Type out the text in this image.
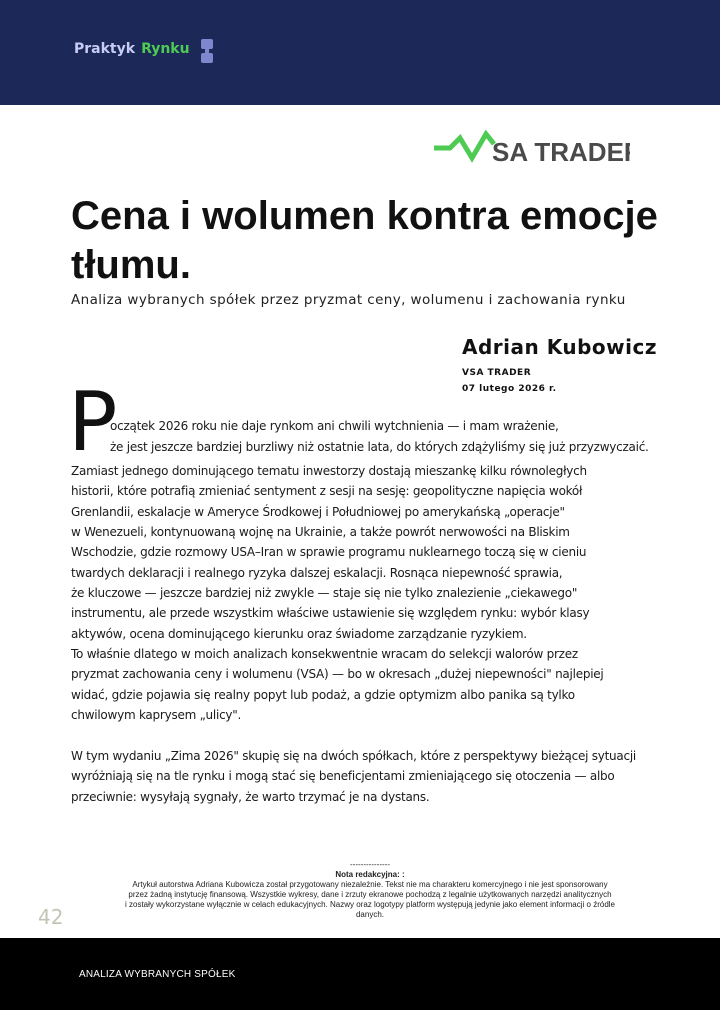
Praktyk Rynku
SA TRADER
Cena i wolumen kontra emocje tłumu.
Analiza wybranych spółek przez pryzmat ceny, wolumenu i zachowania rynku
Adrian Kubowicz
VSA TRADER
07 lutego 2026 r.
P
oczątek 2026 roku nie daje rynkom ani chwili wytchnienia — i mam wrażenie,
że jest jeszcze bardziej burzliwy niż ostatnie lata, do których zdążyliśmy się już przyzwyczaić.
Zamiast jednego dominującego tematu inwestorzy dostają mieszankę kilku równoległych
historii, które potrafią zmieniać sentyment z sesji na sesję: geopolityczne napięcia wokół
Grenlandii, eskalacje w Ameryce Środkowej i Południowej po amerykańską „operacje"
w Wenezueli, kontynuowaną wojnę na Ukrainie, a także powrót nerwowości na Bliskim
Wschodzie, gdzie rozmowy USA–Iran w sprawie programu nuklearnego toczą się w cieniu
twardych deklaracji i realnego ryzyka dalszej eskalacji. Rosnąca niepewność sprawia,
że kluczowe — jeszcze bardziej niż zwykle — staje się nie tylko znalezienie „ciekawego"
instrumentu, ale przede wszystkim właściwe ustawienie się względem rynku: wybór klasy
aktywów, ocena dominującego kierunku oraz świadome zarządzanie ryzykiem.
To właśnie dlatego w moich analizach konsekwentnie wracam do selekcji walorów przez
pryzmat zachowania ceny i wolumenu (VSA) — bo w okresach „dużej niepewności" najlepiej
widać, gdzie pojawia się realny popyt lub podaż, a gdzie optymizm albo panika są tylko
chwilowym kaprysem „ulicy".
W tym wydaniu „Zima 2026" skupię się na dwóch spółkach, które z perspektywy bieżącej sytuacji
wyróżniają się na tle rynku i mogą stać się beneficjentami zmieniającego się otoczenia — albo
przeciwnie: wysyłają sygnały, że warto trzymać je na dystans.
---------------
Nota redakcyjna: :
Artykuł autorstwa Adriana Kubowicza został przygotowany niezależnie. Tekst nie ma charakteru komercyjnego i nie jest sponsorowany
przez żadną instytucję finansową. Wszystkie wykresy, dane i zrzuty ekranowe pochodzą z legalnie użytkowanych narzędzi analitycznych
i zostały wykorzystane wyłącznie w celach edukacyjnych. Nazwy oraz logotypy platform występują jedynie jako element informacji o źródle
danych.
42
ANALIZA WYBRANYCH SPÓŁEK
